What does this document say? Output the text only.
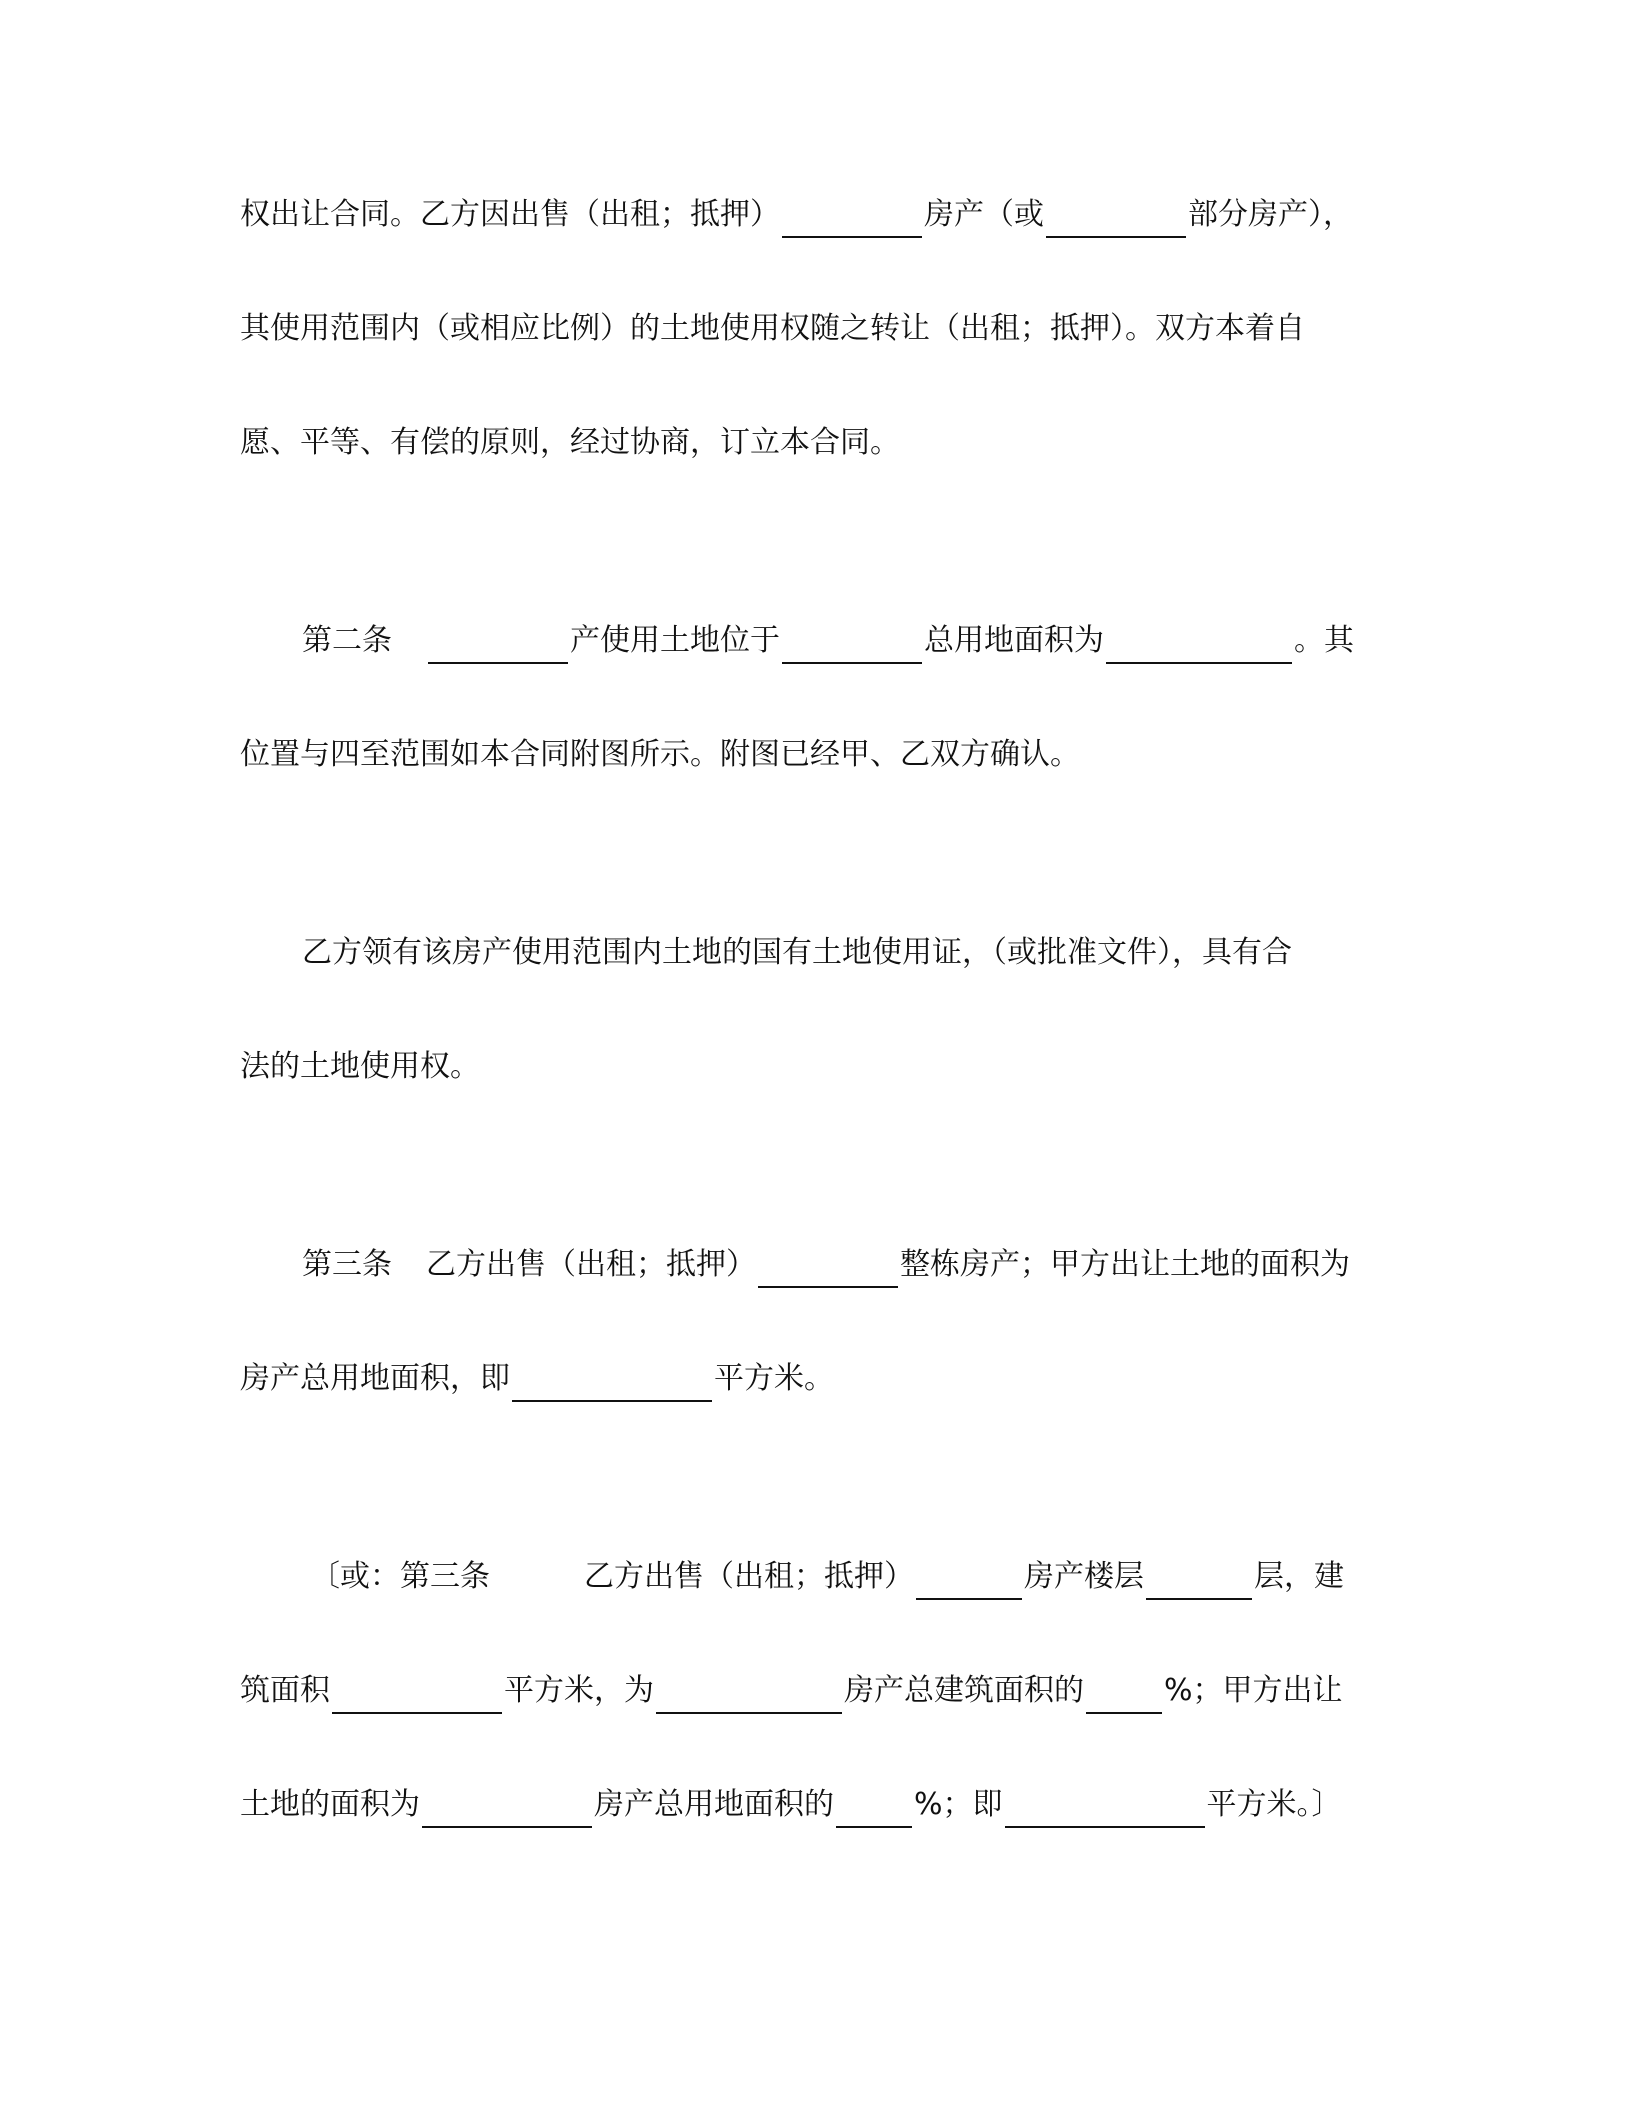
权出让合同。乙方因出售（出租；抵押）	房产（或	部分房产），
其使用范围内（或相应比例）的土地使用权随之转让（出租；抵押）。双方本着自
愿、平等、有偿的原则，经过协商，订立本合同。
第二条	产使用土地位于	总用地面积为	。其
位置与四至范围如本合同附图所示。附图已经甲、乙双方确认。
乙方领有该房产使用范围内土地的国有土地使用证，（或批准文件），具有合
法的土地使用权。
第三条 乙方出售（出租；抵押）	整栋房产；甲方出让土地的面积为
房产总用地面积，即	平方米。
〔或：第三条	乙方出售（出租；抵押）	房产楼层	层，建
筑面积	平方米，为	房产总建筑面积的	%；甲方出让
土地的面积为	房产总用地面积的	%；即	平方米。〕
